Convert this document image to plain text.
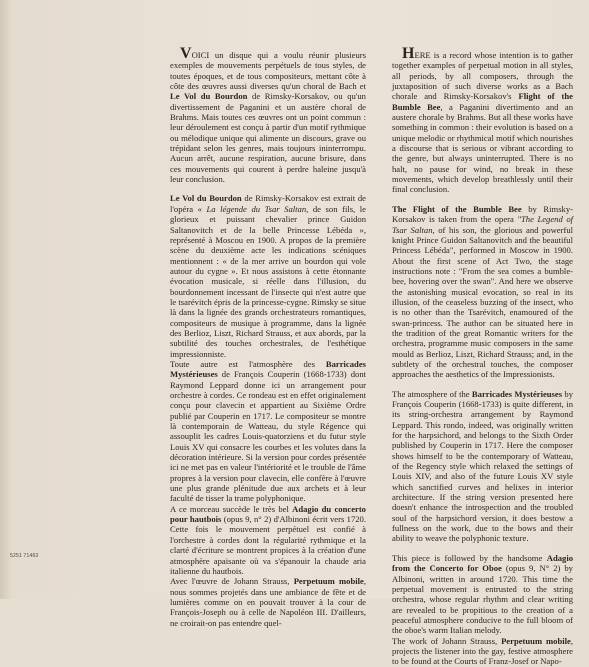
VOICI un disque qui a voulu réunir plusieurs exemples de mouvements perpétuels de tous styles, de toutes époques, et de tous compositeurs, mettant côte à côte des œuvres aussi diverses qu'un choral de Bach et Le Vol du Bourdon de Rimsky-Korsakov, ou qu'un divertissement de Paganini et un austère choral de Brahms. Mais toutes ces œuvres ont un point commun : leur déroulement est conçu à partir d'un motif rythmique ou mélodique unique qui alimente un discours, grave ou trépidant selon les genres, mais toujours ininterrompu. Aucun arrêt, aucune respiration, aucune brisure, dans ces mouvements qui courent à perdre haleine jusqu'à leur conclusion.

Le Vol du Bourdon de Rimsky-Korsakov est extrait de l'opéra « La légende du Tsar Saltan, de son fils, le glorieux et puissant chevalier prince Guidon Saltanovitch et de la belle Princesse Lébéda », représenté à Moscou en 1900. A propos de la première scène du deuxième acte les indications scéniques mentionnent : « de la mer arrive un bourdon qui vole autour du cygne ». Et nous assistons à cette étonnante évocation musicale, si réelle dans l'illusion, du bourdonnement incessant de l'insecte qui n'est autre que le tsarévitch épris de la princesse-cygne. Rimsky se situe là dans la lignée des grands orchestrateurs romantiques, compositeurs de musique à programme, dans la lignée des Berlioz, Liszt, Richard Strauss, et aux abords, par la subtilité des touches orchestrales, de l'esthétique impressionniste.

Toute autre est l'atmosphère des Barricades Mystérieuses de François Couperin (1668-1733) dont Raymond Leppard donne ici un arrangement pour orchestre à cordes. Ce rondeau est en effet originalement conçu pour clavecin et appartient au Sixième Ordre publié par Couperin en 1717. Le compositeur se montre là contemporain de Watteau, du style Régence qui assouplit les cadres Louis-quatorziens et du futur style Louis XV qui consacre les courbes et les volutes dans la décoration intérieure. Si la version pour cordes présentée ici ne met pas en valeur l'intériorité et le trouble de l'âme propres à la version pour clavecin, elle confère à l'œuvre une plus grande plénitude due aux archets et à leur faculté de tisser la trame polyphonique.

A ce morceau succède le très bel Adagio du concerto pour hautbois (opus 9, n° 2) d'Albinoni écrit vers 1720. Cette fois le mouvement perpétuel est confié à l'orchestre à cordes dont la régularité rythmique et la clarté d'écriture se montrent propices à la création d'une atmosphère apaisante où va s'épanouir la chaude aria italienne du hautbois.

Avec l'œuvre de Johann Strauss, Perpetuum mobile, nous sommes projetés dans une ambiance de fête et de lumières comme on en pouvait trouver à la cour de François-Joseph ou à celle de Napoléon III. D'ailleurs, ne croirait-on pas entendre quel-

HERE is a record whose intention is to gather together examples of perpetual motion in all styles, all periods, by all composers, through the juxtaposition of such diverse works as a Bach chorale and Rimsky-Korsakov's Flight of the Bumble Bee, a Paganini divertimento and an austere chorale by Brahms. But all these works have something in common : their evolution is based on a unique melodic or rhythmical motif which nourishes a discourse that is serious or vibrant according to the genre, but always uninterrupted. There is no halt, no pause for wind, no break in these movements, which develop breathlessly until their final conclusion.

The Flight of the Bumble Bee by Rimsky-Korsakov is taken from the opera "The Legend of Tsar Saltan, of his son, the glorious and powerful knight Prince Guidon Saltanovitch and the beautiful Princess Lébéda", performed in Moscow in 1900. About the first scene of Act Two, the stage instructions note : "From the sea comes a bumble-bee, hovering over the swan". And here we observe the astonishing musical evocation, so real in its illusion, of the ceaseless buzzing of the insect, who is no other than the Tsarévitch, enamoured of the swan-princess. The author can be situated here in the tradition of the great Romantic writers for the orchestra, programme music composers in the same mould as Berlioz, Liszt, Richard Strauss; and, in the subtlety of the orchestral touches, the composer approaches the aesthetics of the Impressionists.

The atmosphere of the Barricades Mystérieuses by François Couperin (1668-1733) is quite different, in its string-orchestra arrangement by Raymond Leppard. This rondo, indeed, was originally written for the harpsichord, and belongs to the Sixth Order published by Couperin in 1717. Here the composer shows himself to be the contemporary of Watteau, of the Regency style which relaxed the settings of Louis XIV, and also of the future Louis XV style which sanctified curves and helixes in interior architecture. If the string version presented here doesn't enhance the introspection and the troubled soul of the harpsichord version, it does bestow a fullness on the work, due to the bows and their ability to weave the polyphonic texture.

This piece is followed by the handsome Adagio from the Concerto for Oboe (opus 9, N° 2) by Albinoni, written in around 1720. This time the perpetual movement is entrusted to the string orchestra, whose regular rhythm and clear writing are revealed to be propitious to the creation of a peaceful atmosphere conducive to the full bloom of the oboe's warm Italian melody.

The work of Johann Strauss, Perpetuum mobile, projects the listener into the gay, festive atmosphere to be found at the Courts of Franz-Josef or Napo-

5251 71463
